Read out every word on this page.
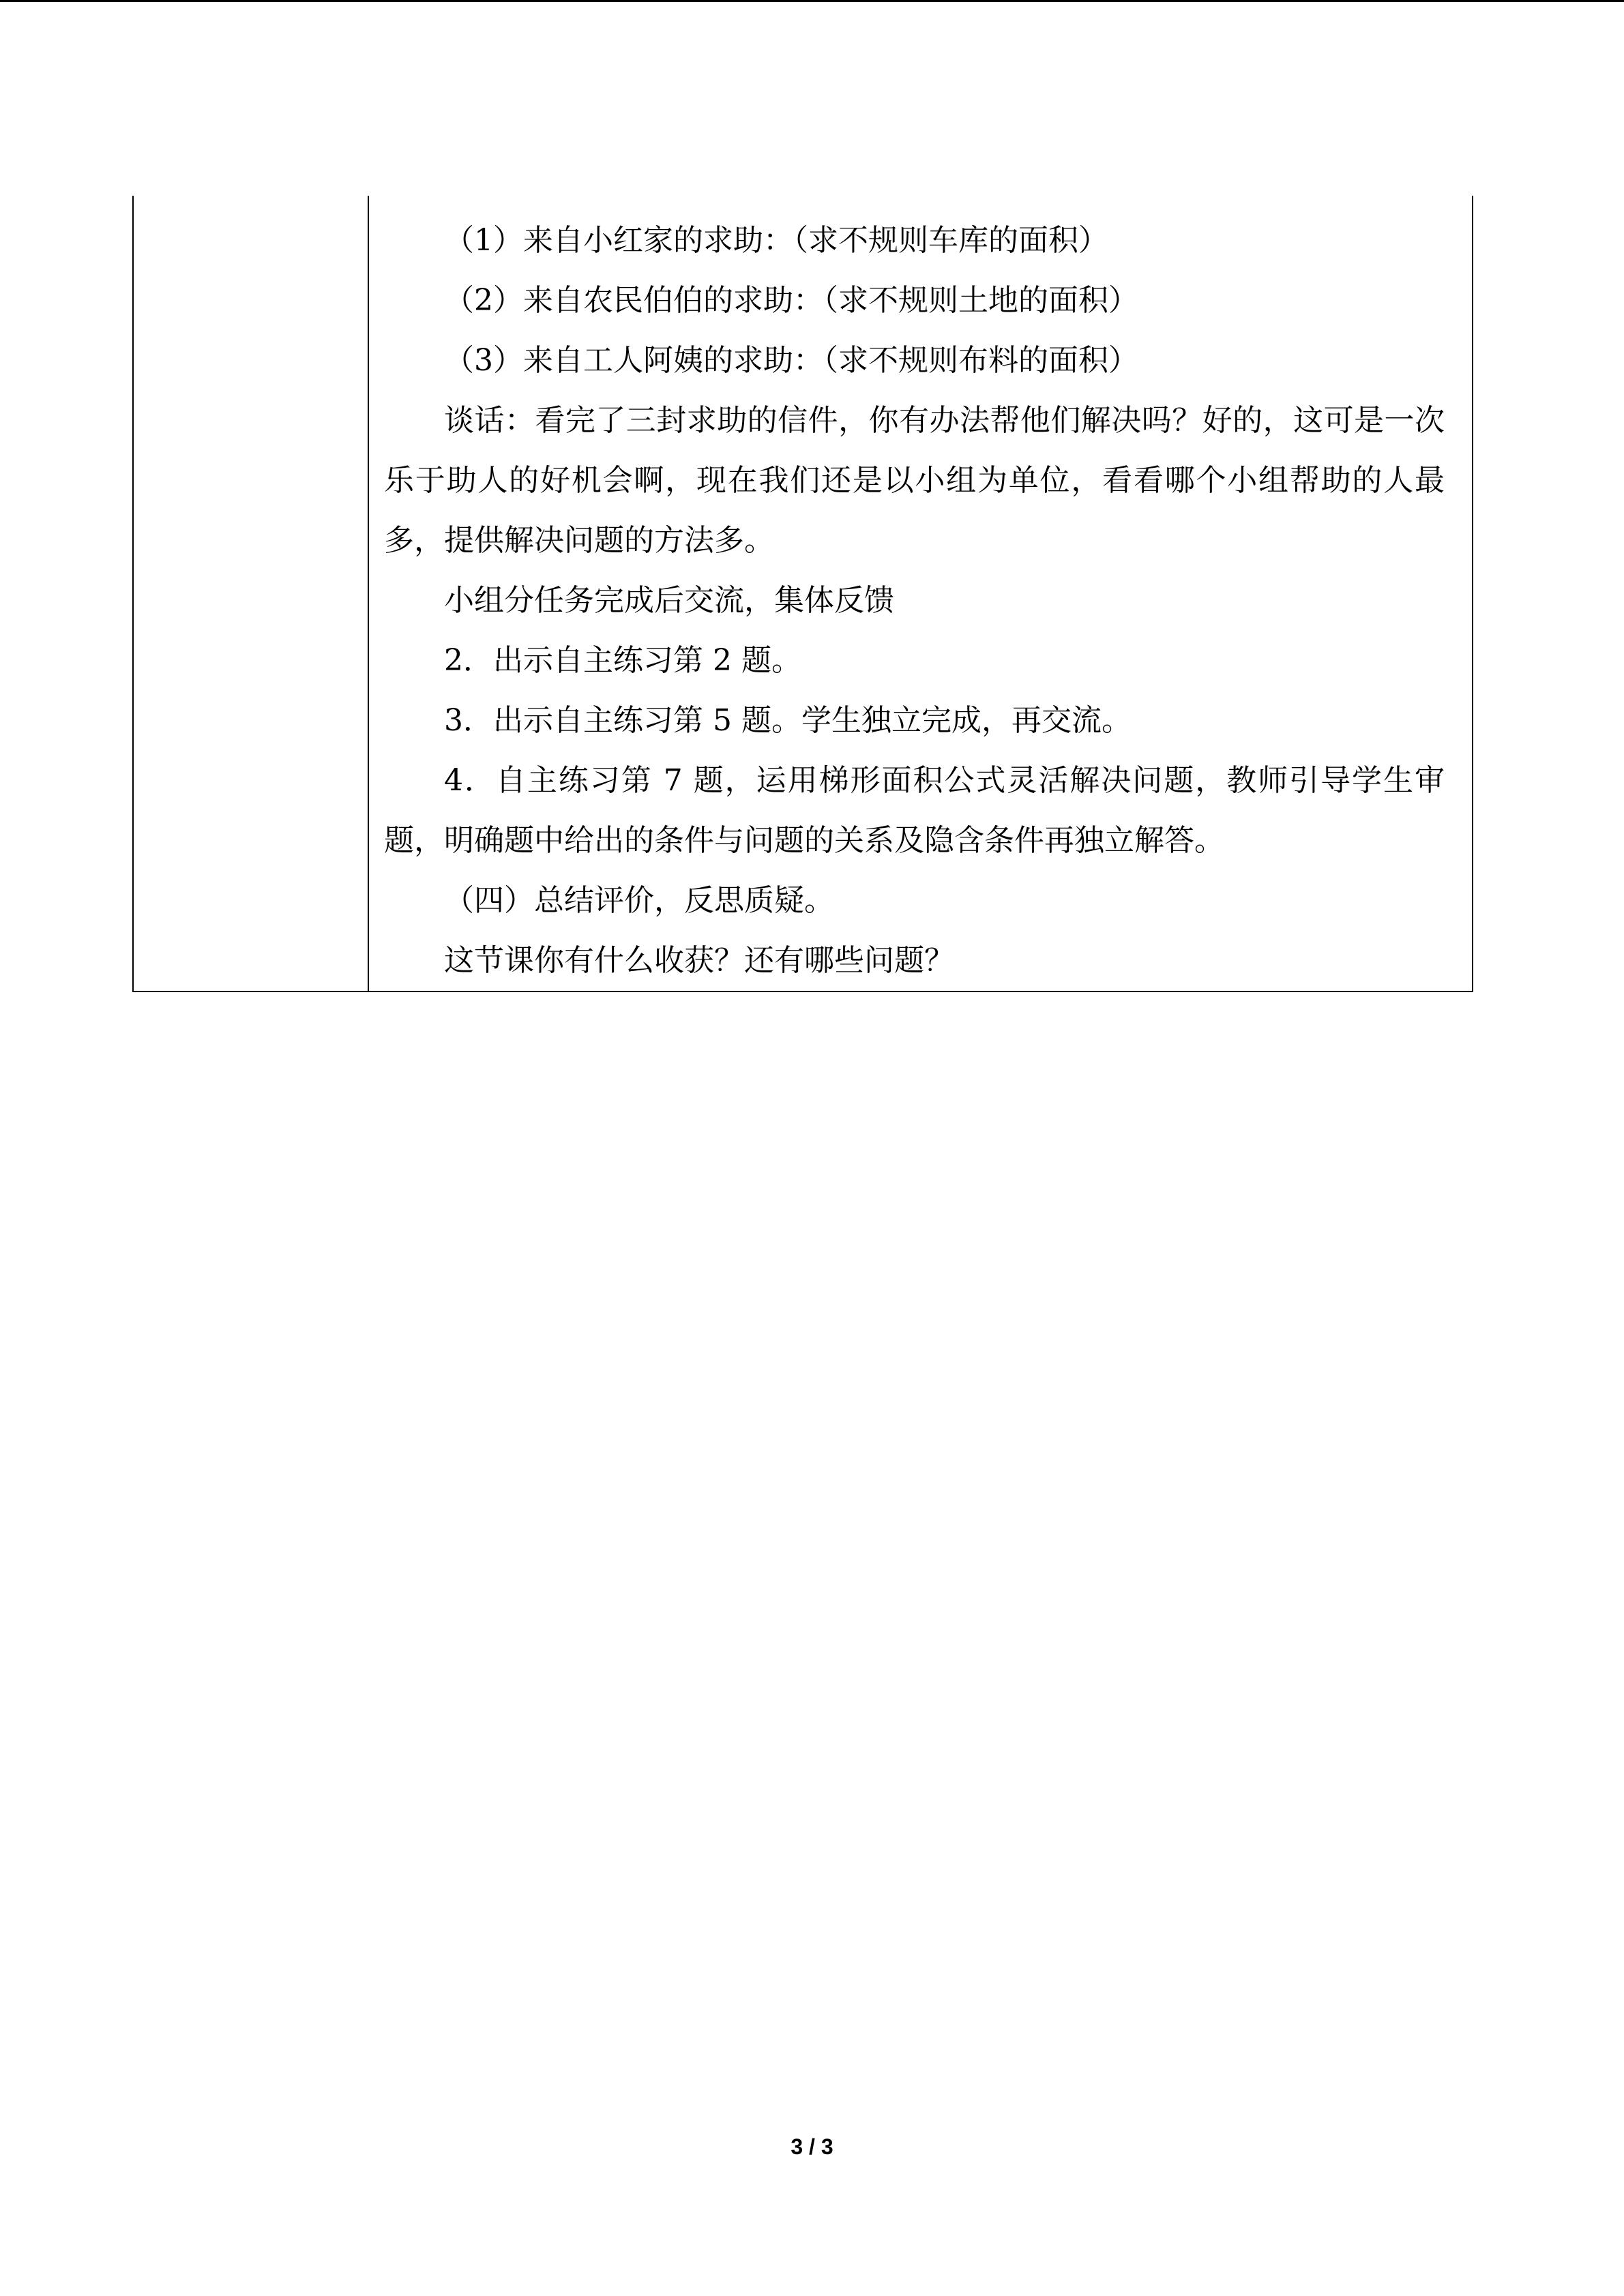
（1）来自小红家的求助：（求不规则车库的面积）

（2）来自农民伯伯的求助：（求不规则土地的面积）

（3）来自工人阿姨的求助：（求不规则布料的面积）

谈话：看完了三封求助的信件，你有办法帮他们解决吗？好的，这可是一次乐于助人的好机会啊，现在我们还是以小组为单位，看看哪个小组帮助的人最多，提供解决问题的方法多。

小组分任务完成后交流，集体反馈

2．出示自主练习第 2 题。

3．出示自主练习第 5 题。学生独立完成，再交流。

4．自主练习第 7 题，运用梯形面积公式灵活解决问题，教师引导学生审题，明确题中给出的条件与问题的关系及隐含条件再独立解答。

（四）总结评价，反思质疑。

这节课你有什么收获？还有哪些问题？

3 / 3
